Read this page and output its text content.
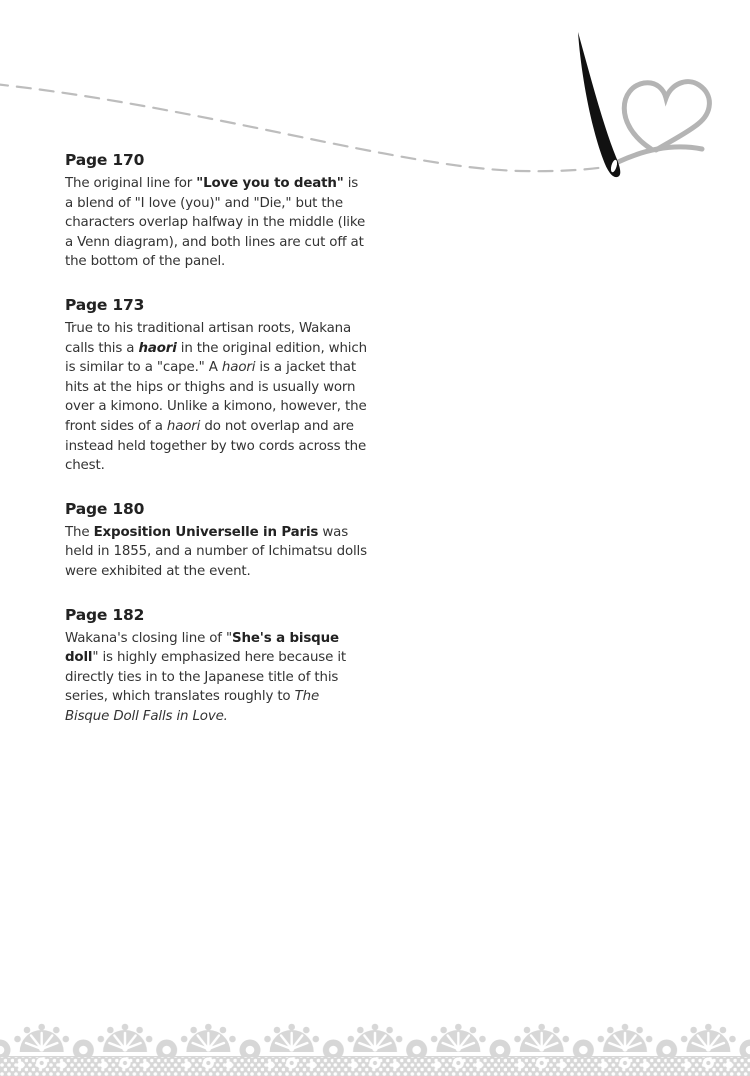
Page 170

The original line for "Love you to death" is a blend of "I love (you)" and "Die," but the characters overlap halfway in the middle (like a Venn diagram), and both lines are cut off at the bottom of the panel.

Page 173

True to his traditional artisan roots, Wakana calls this a haori in the original edition, which is similar to a "cape." A haori is a jacket that hits at the hips or thighs and is usually worn over a kimono. Unlike a kimono, however, the front sides of a haori do not overlap and are instead held together by two cords across the chest.

Page 180

The Exposition Universelle in Paris was held in 1855, and a number of Ichimatsu dolls were exhibited at the event.

Page 182

Wakana's closing line of "She's a bisque doll" is highly emphasized here because it directly ties in to the Japanese title of this series, which translates roughly to The Bisque Doll Falls in Love.
